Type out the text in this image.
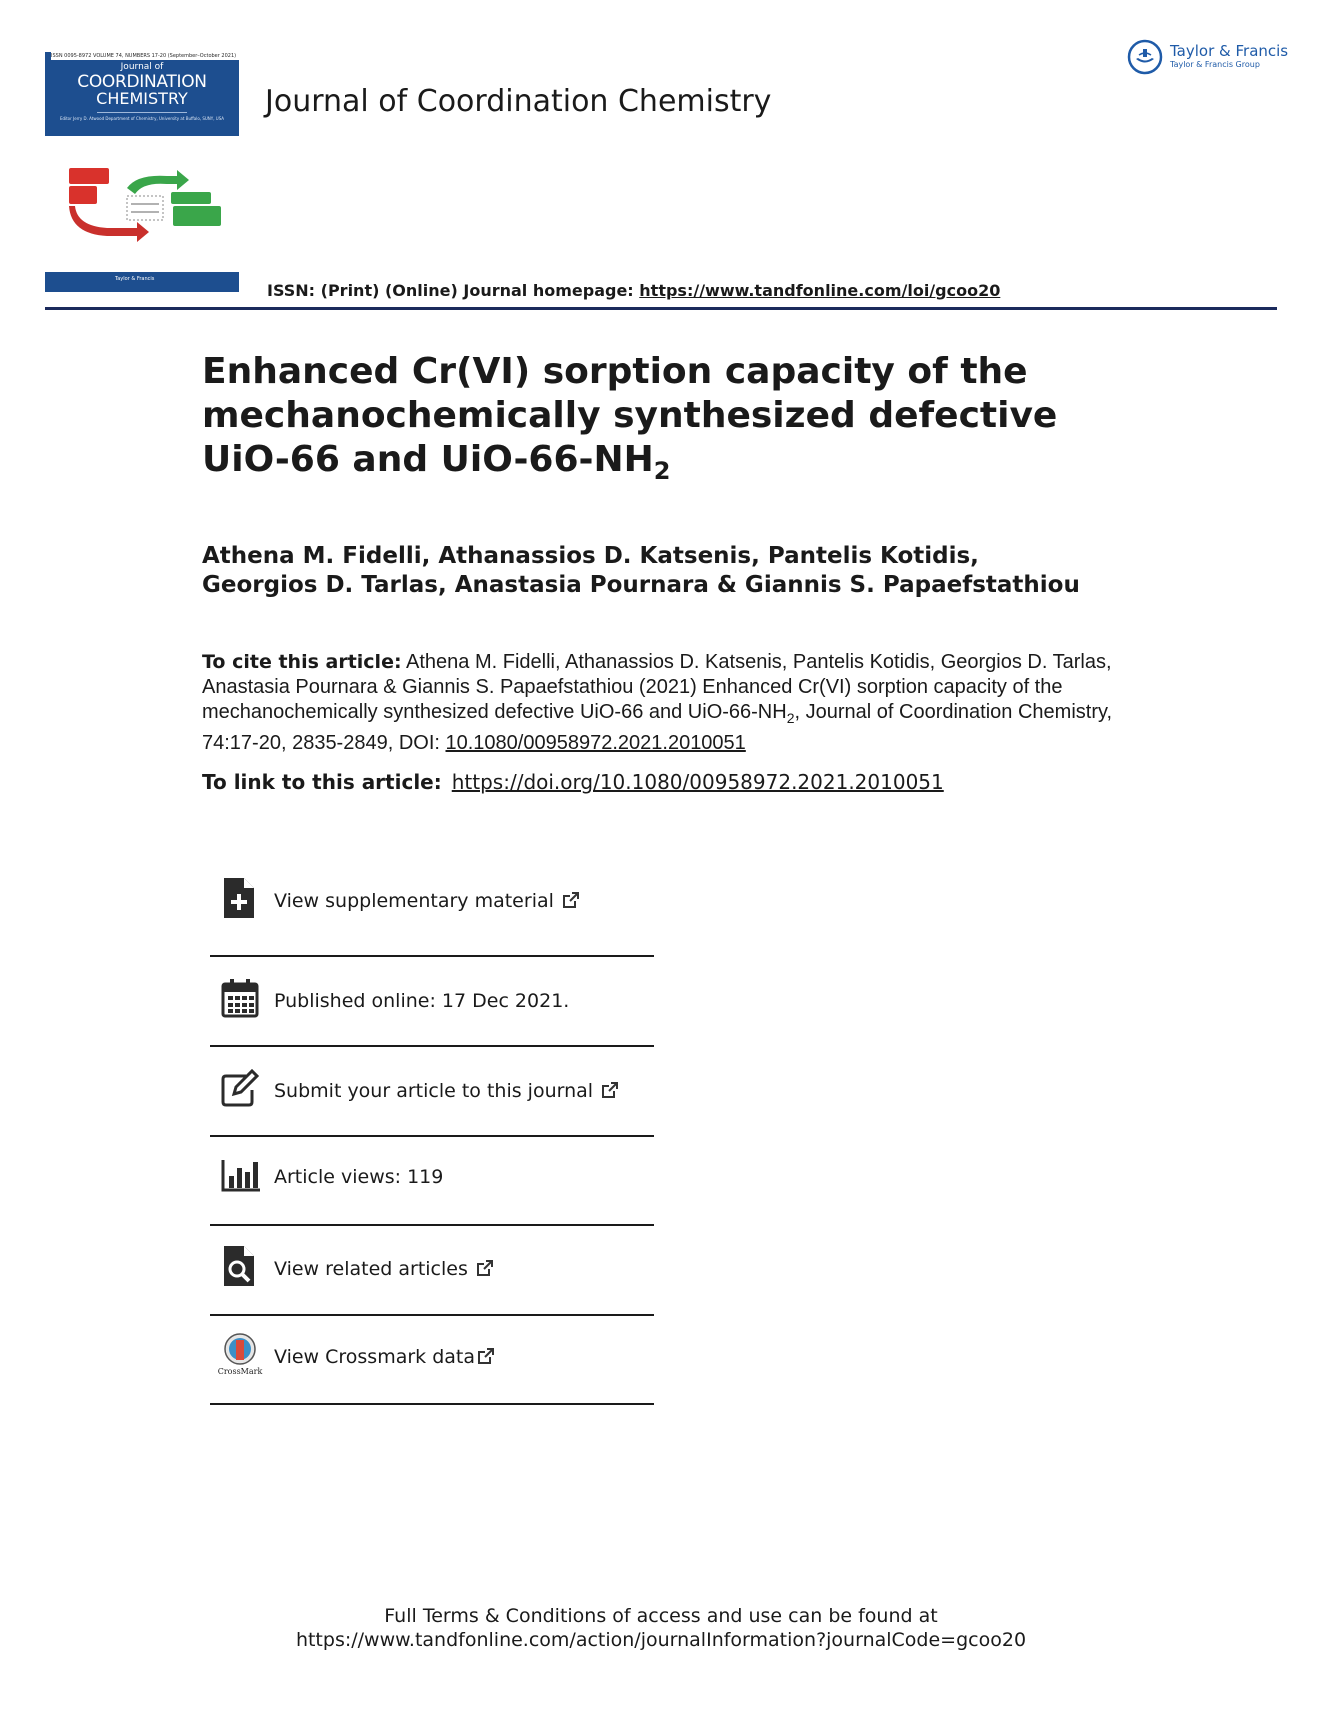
Journal of
COORDINATION
CHEMISTRY
Editor Jerry D. Atwood Department of Chemistry, University at Buffalo, SUNY, USA
ISSN 0095-8972 VOLUME 74, NUMBERS 17-20 (September–October 2021)
Taylor & Francis
Journal of Coordination Chemistry
Taylor & Francis
Taylor & Francis Group
ISSN: (Print) (Online) Journal homepage: https://www.tandfonline.com/loi/gcoo20
Enhanced Cr(VI) sorption capacity of the mechanochemically synthesized defective UiO-66 and UiO-$66-NH_2$
Athena M. Fidelli, Athanassios D. Katsenis, Pantelis Kotidis, Georgios D. Tarlas, Anastasia Pournara & Giannis S. Papaefstathiou
To cite this article: Athena M. Fidelli, Athanassios D. Katsenis, Pantelis Kotidis, Georgios D. Tarlas, Anastasia Pournara & Giannis S. Papaefstathiou (2021) Enhanced Cr(VI) sorption capacity of the mechanochemically synthesized defective UiO-66 and UiO-$66-NH_2$, Journal of Coordination Chemistry, 74:17-20, 2835-2849, DOI: 10.1080/00958972.2021.2010051
To link to this article: https://doi.org/10.1080/00958972.2021.2010051
View supplementary material
Published online: 17 Dec 2021.
Submit your article to this journal
Article views: 119
View related articles
CrossMark
View Crossmark data
Full Terms & Conditions of access and use can be found at
https://www.tandfonline.com/action/journalInformation?journalCode=gcoo20
